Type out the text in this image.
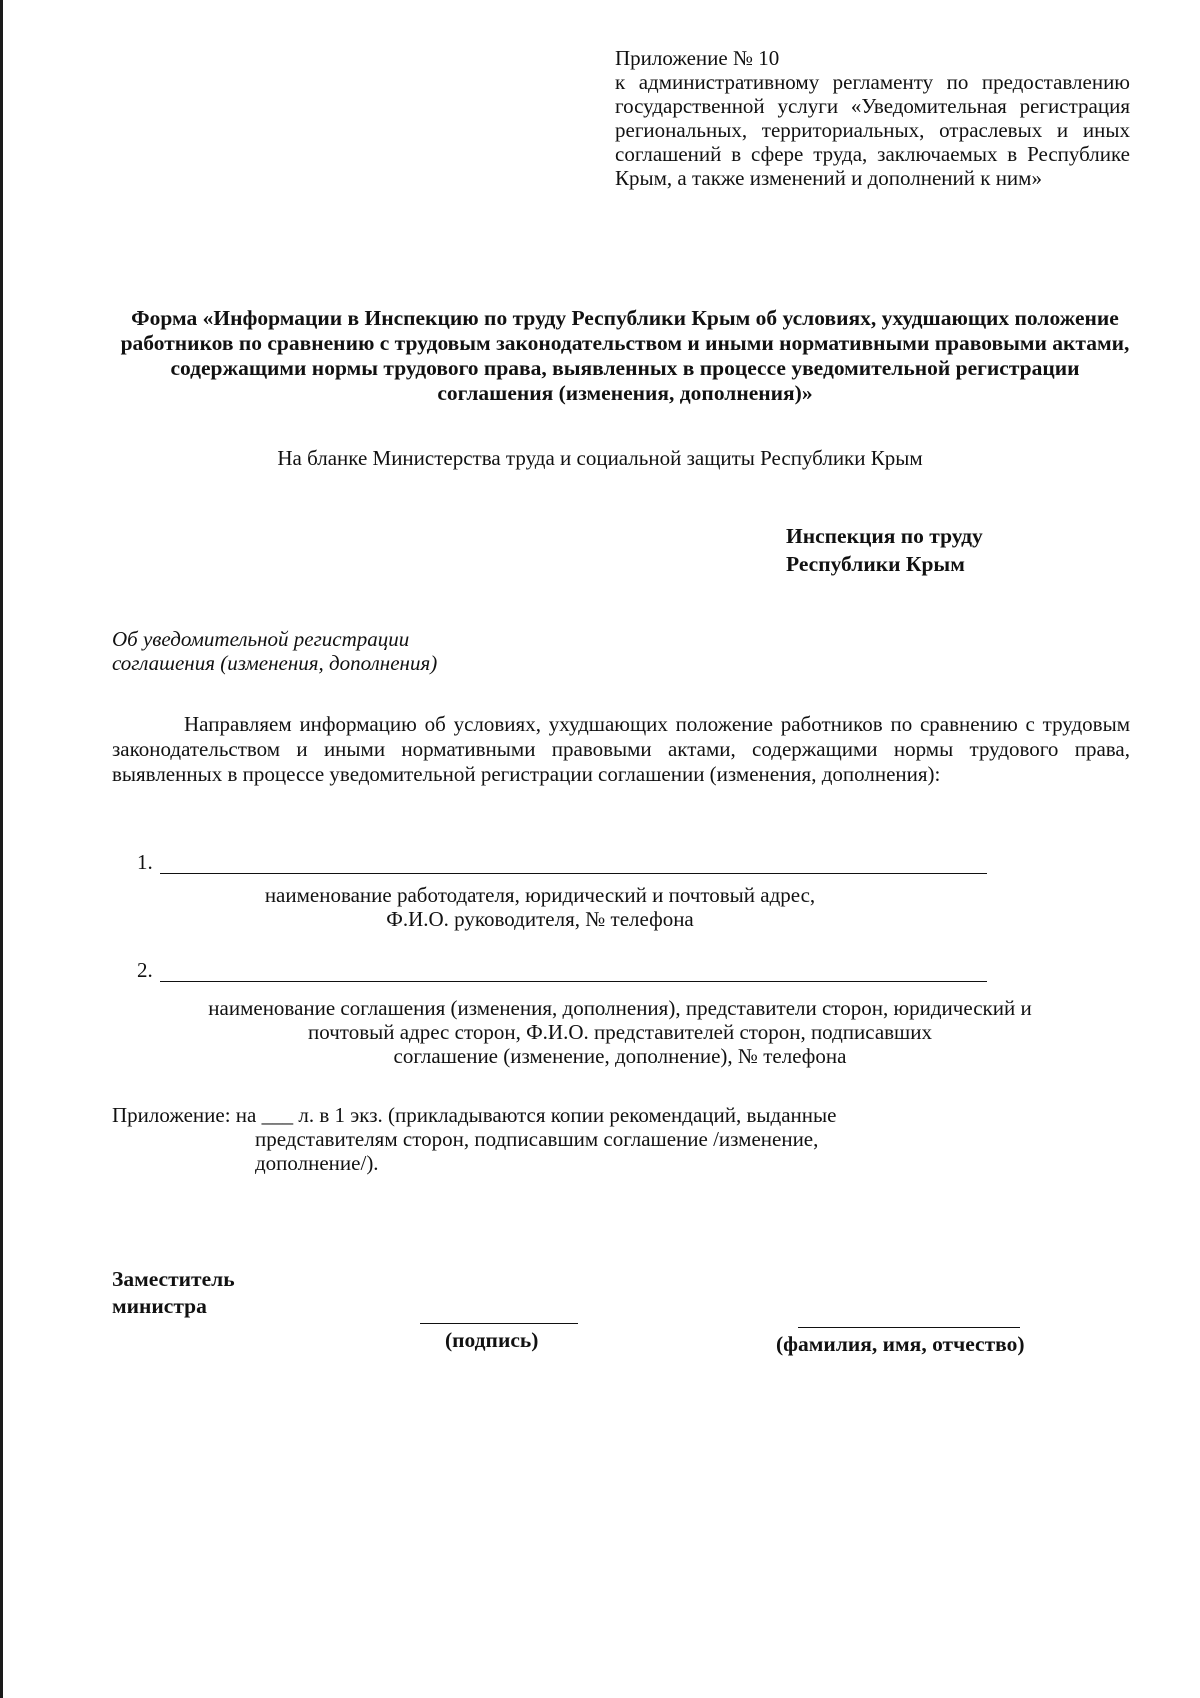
Приложение № 10
к административному регламенту по предоставлению государственной услуги «Уведомительная регистрация региональных, территориальных, отраслевых и иных соглашений в сфере труда, заключаемых в Республике Крым, а также изменений и дополнений к ним»
Форма «Информации в Инспекцию по труду Республики Крым об условиях, ухудшающих положение работников по сравнению с трудовым законодательством и иными нормативными правовыми актами, содержащими нормы трудового права, выявленных в процессе уведомительной регистрации соглашения (изменения, дополнения)»
На бланке Министерства труда и социальной защиты Республики Крым
Инспекция по труду
Республики Крым
Об уведомительной регистрации
соглашения (изменения, дополнения)
Направляем информацию об условиях, ухудшающих положение работников по сравнению с трудовым законодательством и иными нормативными правовыми актами, содержащими нормы трудового права, выявленных в процессе уведомительной регистрации соглашении (изменения, дополнения):
1.
наименование работодателя, юридический и почтовый адрес,
Ф.И.О. руководителя, № телефона
2.
наименование соглашения (изменения, дополнения), представители сторон, юридический и
почтовый адрес сторон, Ф.И.О. представителей сторон, подписавших
соглашение (изменение, дополнение), № телефона
Приложение: на ___ л. в 1 экз. (прикладываются копии рекомендаций, выданные
представителям сторон, подписавшим соглашение /изменение,
дополнение/).
Заместитель
министра
(подпись)	(фамилия, имя, отчество)
